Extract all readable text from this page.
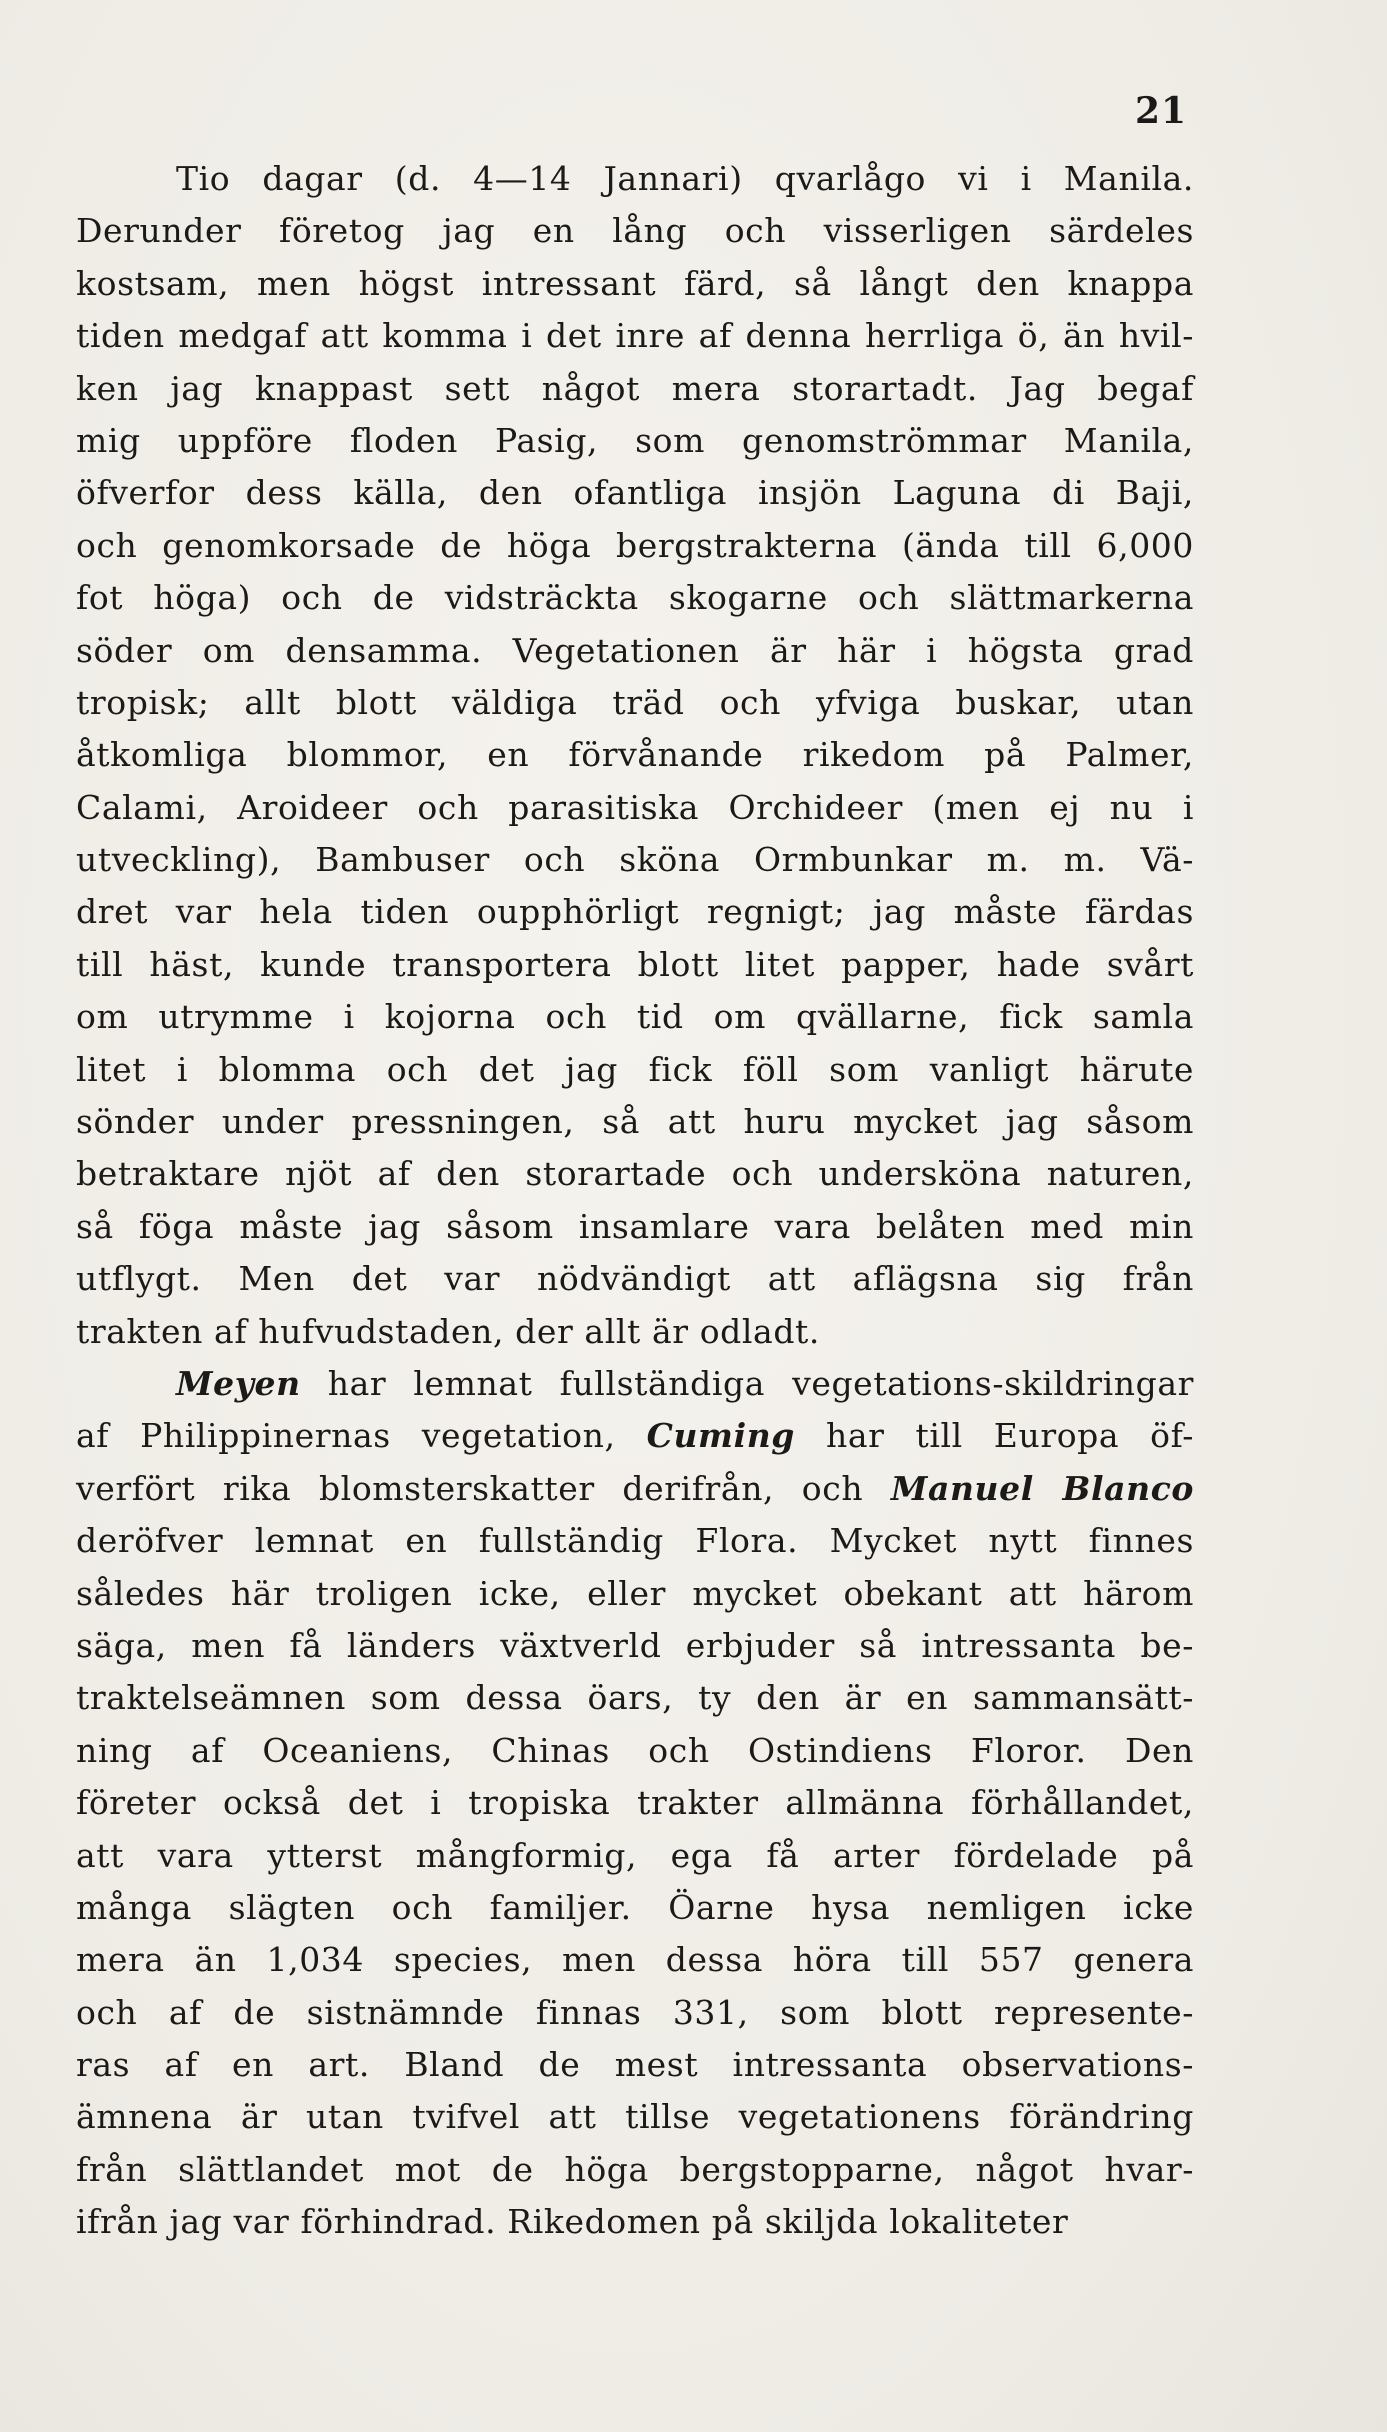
21
Tio dagar (d. 4—14 Jannari) qvarlågo vi i Manila.
Derunder företog jag en lång och visserligen särdeles
kostsam, men högst intressant färd, så långt den knappa
tiden medgaf att komma i det inre af denna herrliga ö, än hvil-
ken jag knappast sett något mera storartadt. Jag begaf
mig uppföre floden Pasig, som genomströmmar Manila,
öfverfor dess källa, den ofantliga insjön Laguna di Baji,
och genomkorsade de höga bergstrakterna (ända till 6,000
fot höga) och de vidsträckta skogarne och slättmarkerna
söder om densamma. Vegetationen är här i högsta grad
tropisk; allt blott väldiga träd och yfviga buskar, utan
åtkomliga blommor, en förvånande rikedom på Palmer,
Calami, Aroideer och parasitiska Orchideer (men ej nu i
utveckling), Bambuser och sköna Ormbunkar m. m. Vä-
dret var hela tiden oupphörligt regnigt; jag måste färdas
till häst, kunde transportera blott litet papper, hade svårt
om utrymme i kojorna och tid om qvällarne, fick samla
litet i blomma och det jag fick föll som vanligt härute
sönder under pressningen, så att huru mycket jag såsom
betraktare njöt af den storartade och undersköna naturen,
så föga måste jag såsom insamlare vara belåten med min
utflygt. Men det var nödvändigt att aflägsna sig från
trakten af hufvudstaden, der allt är odladt.
Meyen har lemnat fullständiga vegetations-skildringar
af Philippinernas vegetation, Cuming har till Europa öf-
verfört rika blomsterskatter derifrån, och Manuel Blanco
deröfver lemnat en fullständig Flora. Mycket nytt finnes
således här troligen icke, eller mycket obekant att härom
säga, men få länders växtverld erbjuder så intressanta be-
traktelseämnen som dessa öars, ty den är en sammansätt-
ning af Oceaniens, Chinas och Ostindiens Floror. Den
företer också det i tropiska trakter allmänna förhållandet,
att vara ytterst mångformig, ega få arter fördelade på
många slägten och familjer. Öarne hysa nemligen icke
mera än 1,034 species, men dessa höra till 557 genera
och af de sistnämnde finnas 331, som blott represente-
ras af en art. Bland de mest intressanta observations-
ämnena är utan tvifvel att tillse vegetationens förändring
från slättlandet mot de höga bergstopparne, något hvar-
ifrån jag var förhindrad. Rikedomen på skiljda lokaliteter
